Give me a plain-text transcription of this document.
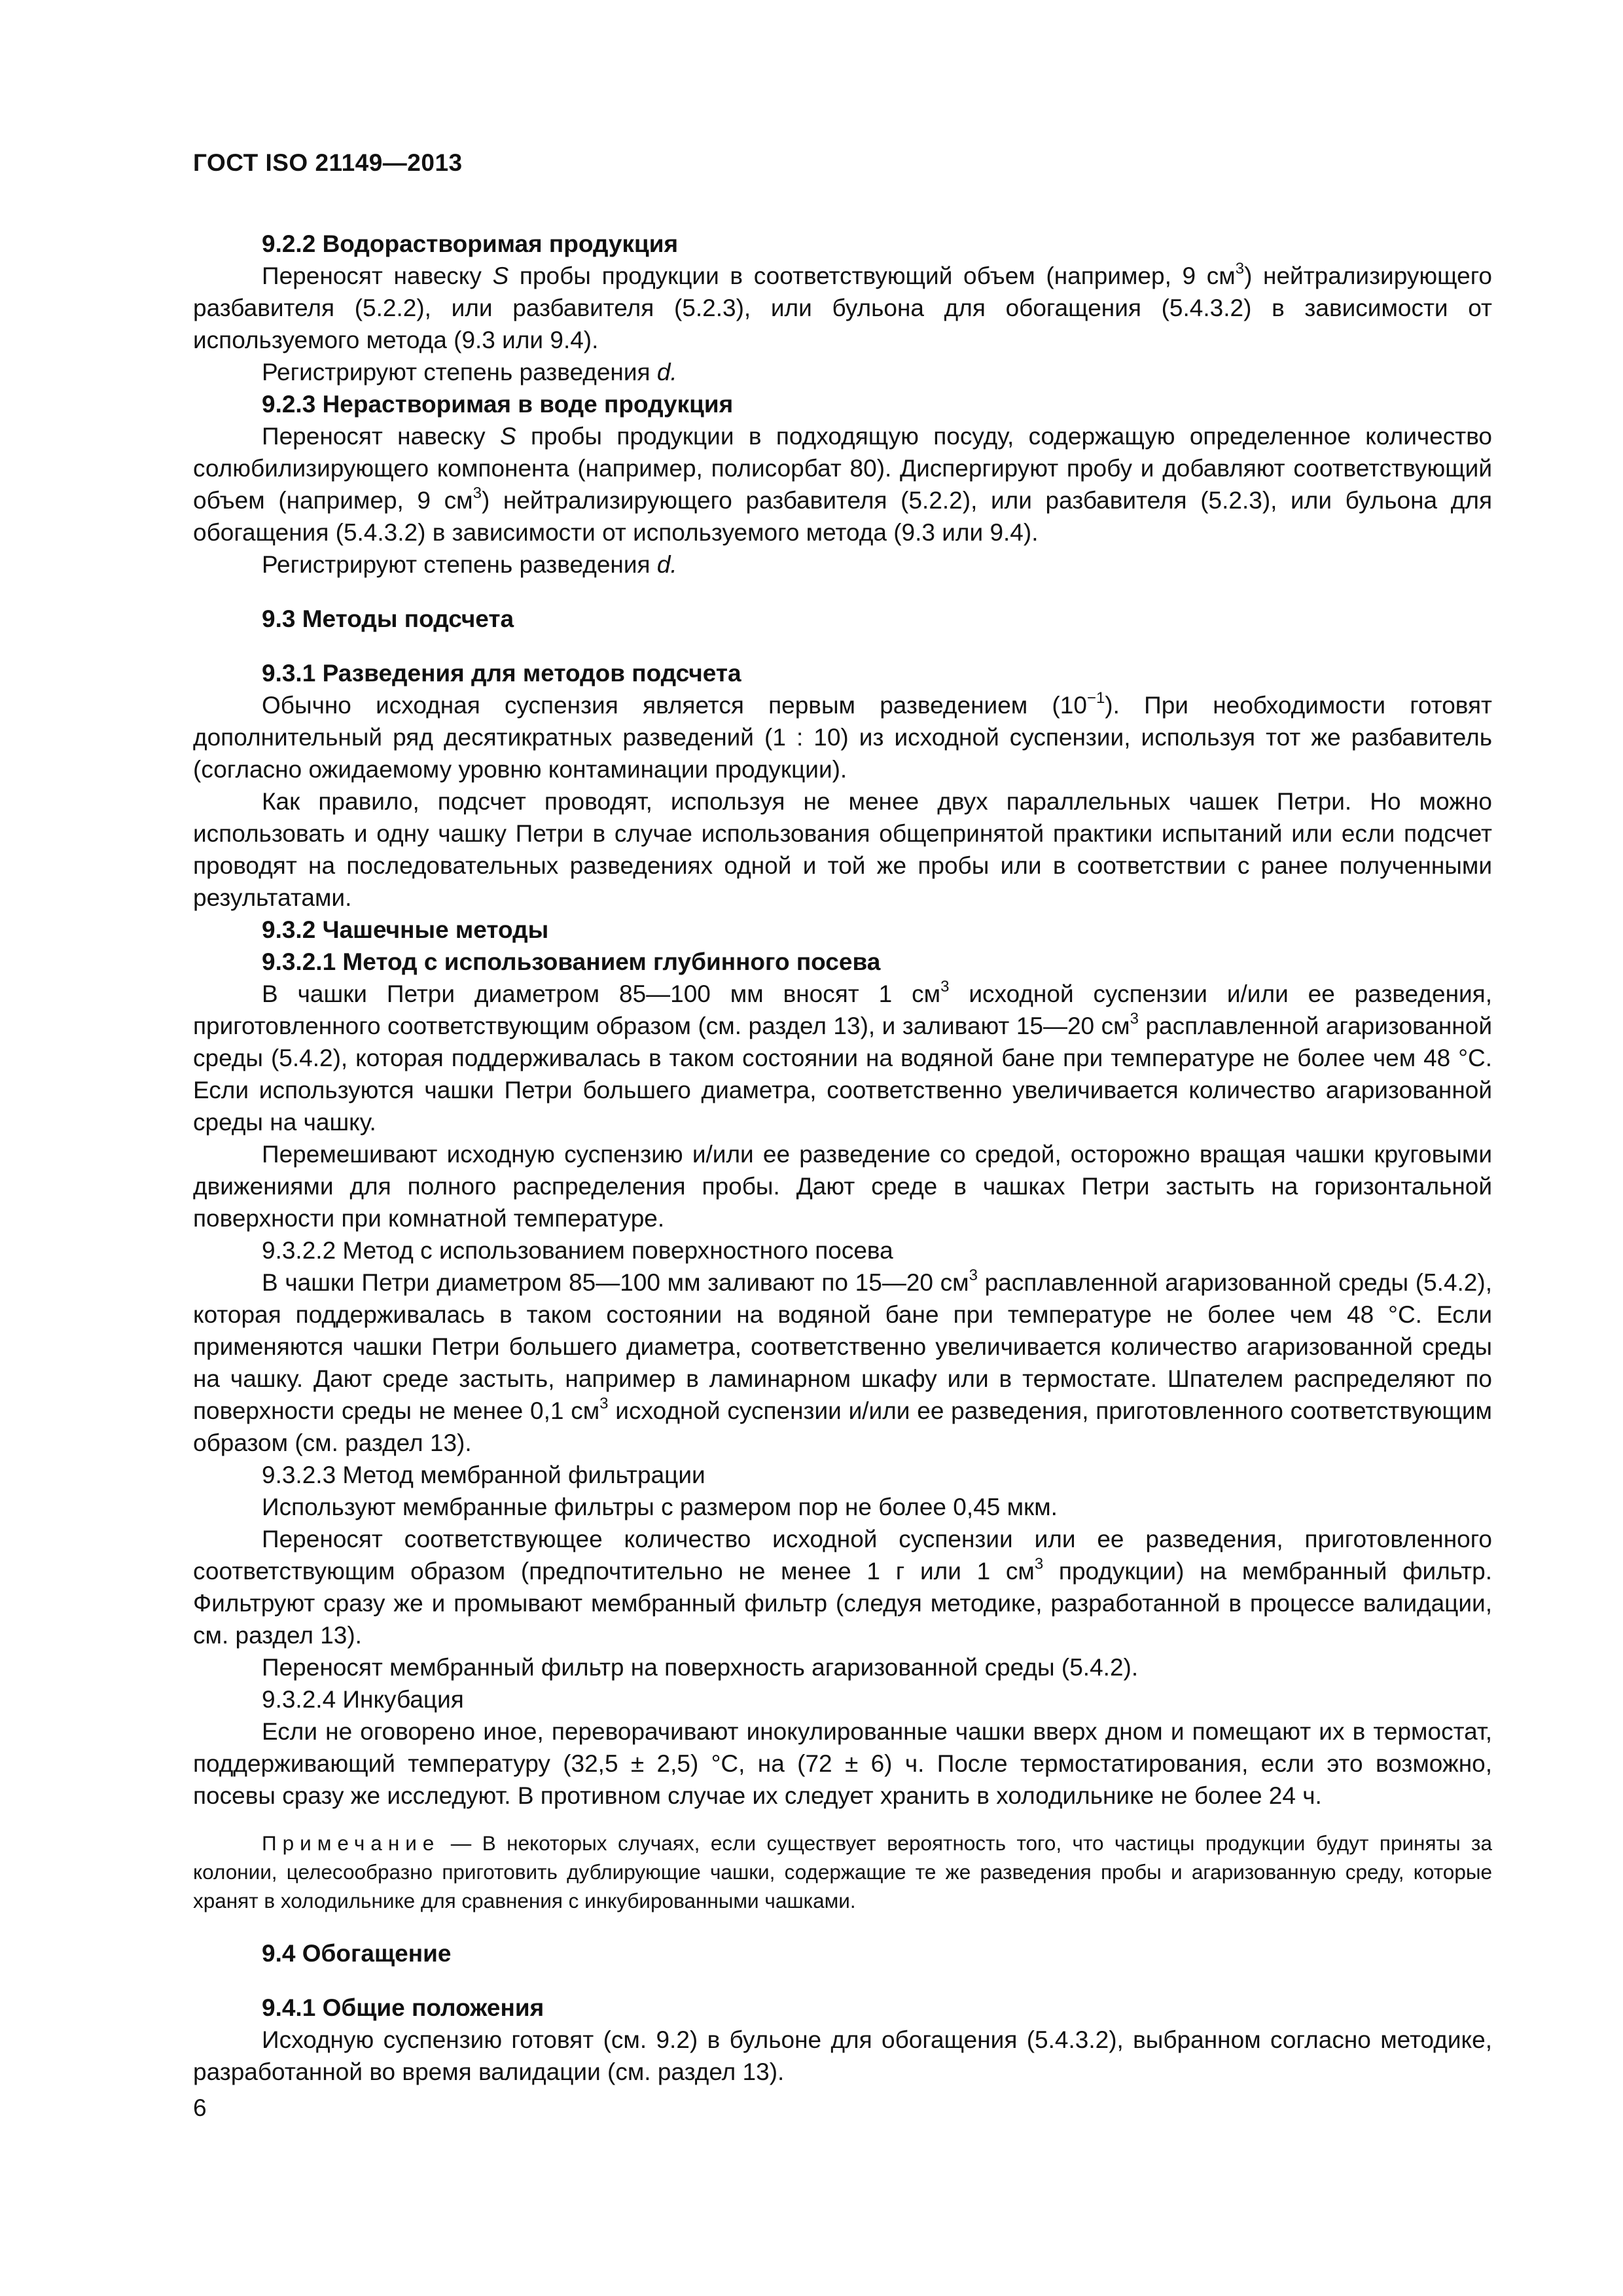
ГОСТ ISO 21149—2013

9.2.2 Водорастворимая продукция

Переносят навеску S пробы продукции в соответствующий объем (например, 9 $см^3$) нейтрализирующего разбавителя (5.2.2), или разбавителя (5.2.3), или бульона для обогащения (5.4.3.2) в зависимости от используемого метода (9.3 или 9.4).

Регистрируют степень разведения d.

9.2.3 Нерастворимая в воде продукция

Переносят навеску S пробы продукции в подходящую посуду, содержащую определенное количество солюбилизирующего компонента (например, полисорбат 80). Диспергируют пробу и добавляют соответствующий объем (например, 9 $см^3$) нейтрализирующего разбавителя (5.2.2), или разбавителя (5.2.3), или бульона для обогащения (5.4.3.2) в зависимости от используемого метода (9.3 или 9.4).

Регистрируют степень разведения d.

9.3 Методы подсчета

9.3.1 Разведения для методов подсчета

Обычно исходная суспензия является первым разведением $(10^{-1})$. При необходимости готовят дополнительный ряд десятикратных разведений (1 : 10) из исходной суспензии, используя тот же разбавитель (согласно ожидаемому уровню контаминации продукции).

Как правило, подсчет проводят, используя не менее двух параллельных чашек Петри. Но можно использовать и одну чашку Петри в случае использования общепринятой практики испытаний или если подсчет проводят на последовательных разведениях одной и той же пробы или в соответствии с ранее полученными результатами.

9.3.2 Чашечные методы

9.3.2.1 Метод с использованием глубинного посева

В чашки Петри диаметром 85—100 мм вносят 1 $см^3$ исходной суспензии и/или ее разведения, приготовленного соответствующим образом (см. раздел 13), и заливают 15—20 $см^3$ расплавленной агаризованной среды (5.4.2), которая поддерживалась в таком состоянии на водяной бане при температуре не более чем 48 °С. Если используются чашки Петри большего диаметра, соответственно увеличивается количество агаризованной среды на чашку.

Перемешивают исходную суспензию и/или ее разведение со средой, осторожно вращая чашки круговыми движениями для полного распределения пробы. Дают среде в чашках Петри застыть на горизонтальной поверхности при комнатной температуре.

9.3.2.2 Метод с использованием поверхностного посева

В чашки Петри диаметром 85—100 мм заливают по 15—20 $см^3$ расплавленной агаризованной среды (5.4.2), которая поддерживалась в таком состоянии на водяной бане при температуре не более чем 48 °С. Если применяются чашки Петри большего диаметра, соответственно увеличивается количество агаризованной среды на чашку. Дают среде застыть, например в ламинарном шкафу или в термостате. Шпателем распределяют по поверхности среды не менее 0,1 $см^3$ исходной суспензии и/или ее разведения, приготовленного соответствующим образом (см. раздел 13).

9.3.2.3 Метод мембранной фильтрации

Используют мембранные фильтры с размером пор не более 0,45 мкм.

Переносят соответствующее количество исходной суспензии или ее разведения, приготовленного соответствующим образом (предпочтительно не менее 1 г или 1 $см^3$ продукции) на мембранный фильтр. Фильтруют сразу же и промывают мембранный фильтр (следуя методике, разработанной в процессе валидации, см. раздел 13).

Переносят мембранный фильтр на поверхность агаризованной среды (5.4.2).

9.3.2.4 Инкубация

Если не оговорено иное, переворачивают инокулированные чашки вверх дном и помещают их в термостат, поддерживающий температуру (32,5 ± 2,5) °С, на (72 ± 6) ч. После термостатирования, если это возможно, посевы сразу же исследуют. В противном случае их следует хранить в холодильнике не более 24 ч.

Примечание — В некоторых случаях, если существует вероятность того, что частицы продукции будут приняты за колонии, целесообразно приготовить дублирующие чашки, содержащие те же разведения пробы и агаризованную среду, которые хранят в холодильнике для сравнения с инкубированными чашками.

9.4 Обогащение

9.4.1 Общие положения

Исходную суспензию готовят (см. 9.2) в бульоне для обогащения (5.4.3.2), выбранном согласно методике, разработанной во время валидации (см. раздел 13).

6
